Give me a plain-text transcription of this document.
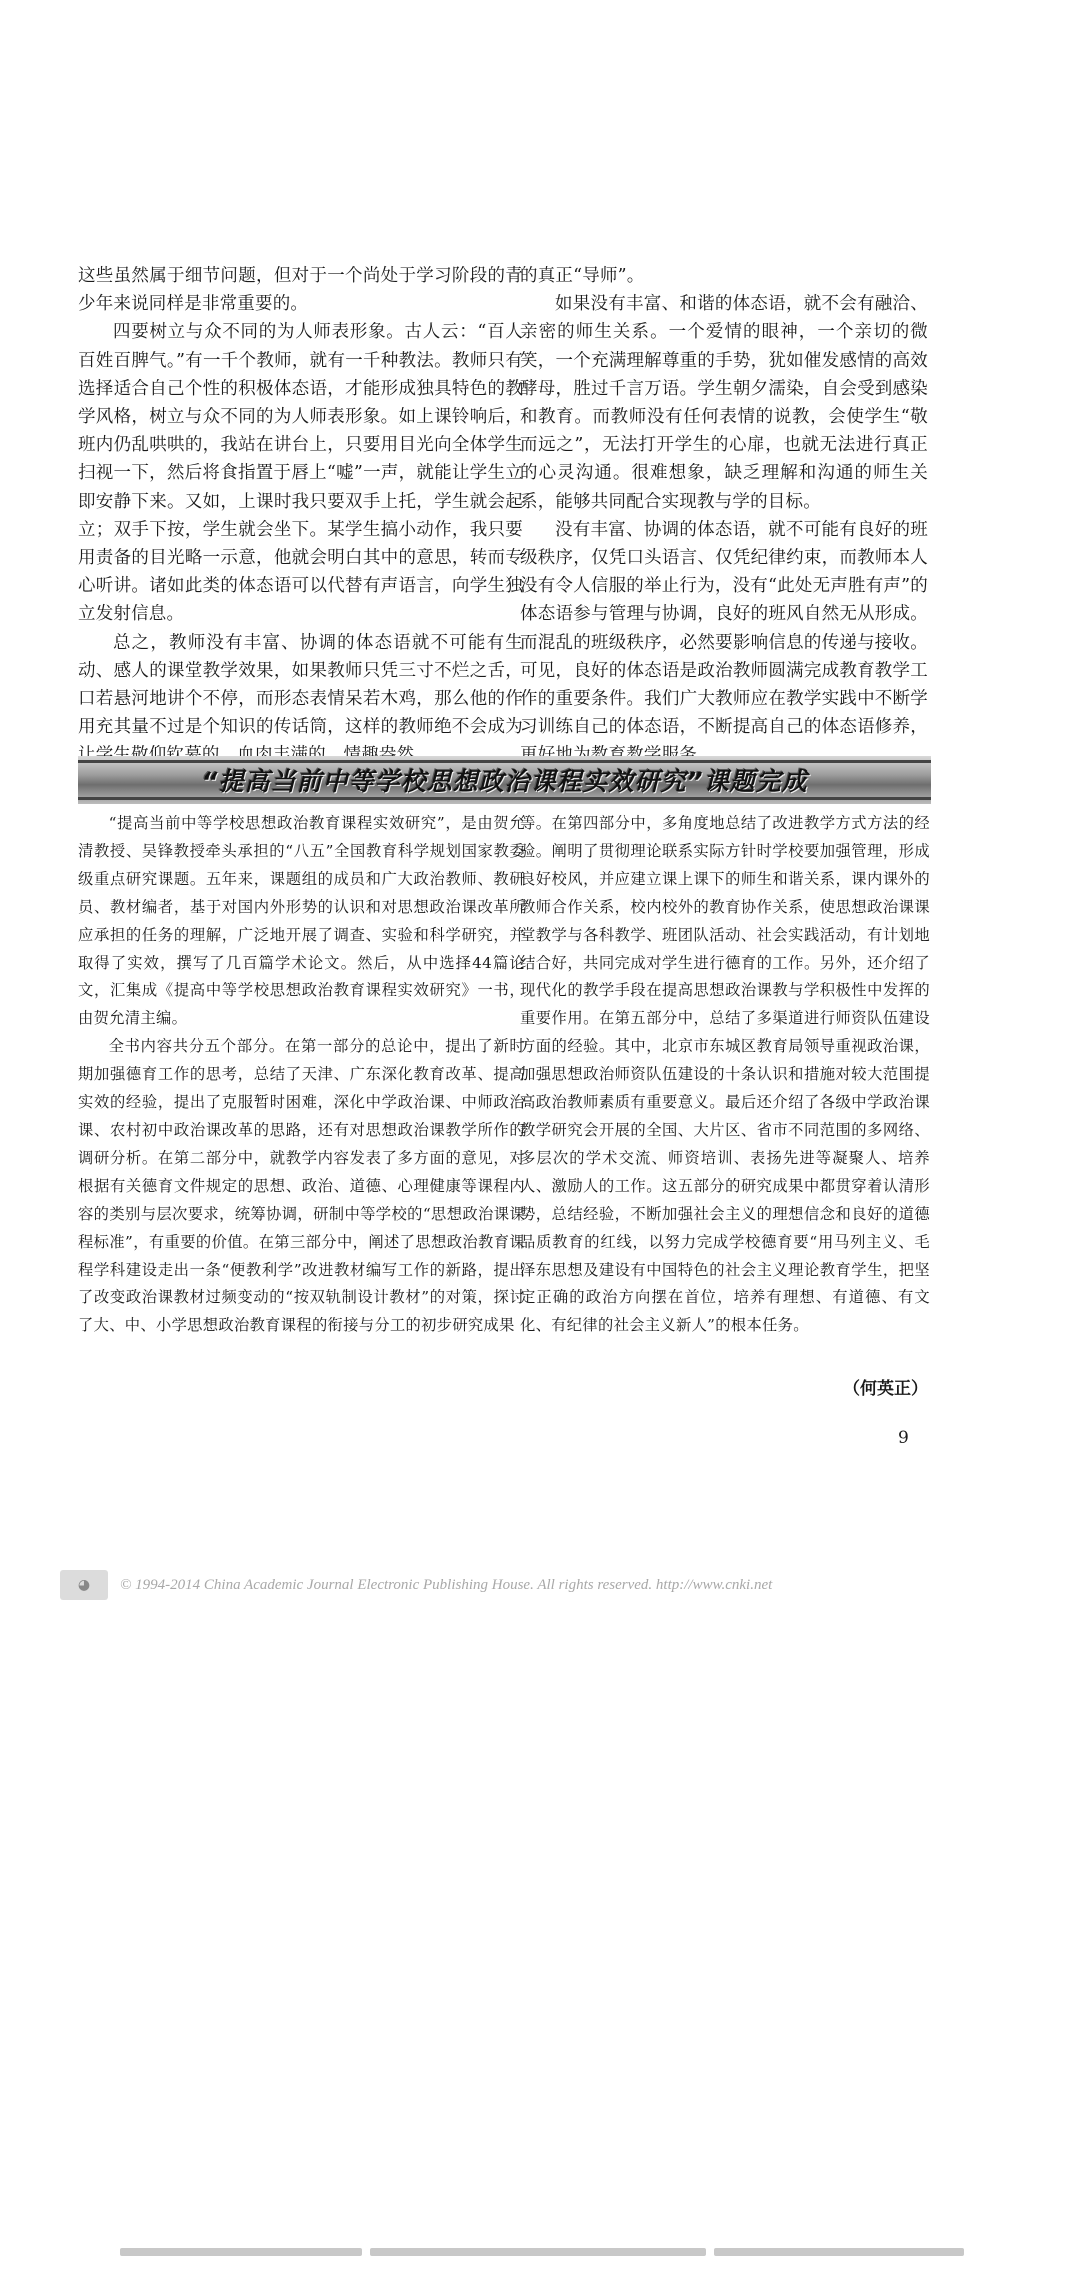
这些虽然属于细节问题，但对于一个尚处于学习阶段的青少年来说同样是非常重要的。

四要树立与众不同的为人师表形象。古人云：“百人百姓百脾气。”有一千个教师，就有一千种教法。教师只有选择适合自己个性的积极体态语，才能形成独具特色的教学风格，树立与众不同的为人师表形象。如上课铃响后，班内仍乱哄哄的，我站在讲台上，只要用目光向全体学生扫视一下，然后将食指置于唇上“嘘”一声，就能让学生立即安静下来。又如，上课时我只要双手上托，学生就会起立；双手下按，学生就会坐下。某学生搞小动作，我只要用责备的目光略一示意，他就会明白其中的意思，转而专心听讲。诸如此类的体态语可以代替有声语言，向学生独立发射信息。

总之，教师没有丰富、协调的体态语就不可能有生动、感人的课堂教学效果，如果教师只凭三寸不烂之舌，口若悬河地讲个不停，而形态表情呆若木鸡，那么他的作用充其量不过是个知识的传话筒，这样的教师绝不会成为

的真正“导师”。

如果没有丰富、和谐的体态语，就不会有融洽、亲密的师生关系。一个爱情的眼神，一个亲切的微笑，一个充满理解尊重的手势，犹如催发感情的高效酵母，胜过千言万语。学生朝夕濡染，自会受到感染和教育。而教师没有任何表情的说教，会使学生“敬而远之”，无法打开学生的心扉，也就无法进行真正的心灵沟通。很难想象，缺乏理解和沟通的师生关系，能够共同配合实现教与学的目标。

没有丰富、协调的体态语，就不可能有良好的班级秩序，仅凭口头语言、仅凭纪律约束，而教师本人没有令人信服的举止行为，没有“此处无声胜有声”的体态语参与管理与协调，良好的班风自然无从形成。而混乱的班级秩序，必然要影响信息的传递与接收。可见，良好的体态语是政治教师圆满完成教育教学工作的重要条件。我们广大教师应在教学实践中不断学习训练自己的体态语，不断提高自己的体态语修养，

“提高当前中等学校思想政治课程实效研究”课题完成

“提高当前中等学校思想政治教育课程实效研究”，是由贺允清教授、吴锋教授牵头承担的“八五”全国教育科学规划国家教委级重点研究课题。五年来，课题组的成员和广大政治教师、教研员、教材编者，基于对国内外形势的认识和对思想政治课改革所应承担的任务的理解，广泛地开展了调查、实验和科学研究，并取得了实效，撰写了几百篇学术论文。然后，从中选择44篇论文，汇集成《提高中等学校思想政治教育课程实效研究》一书，由贺允清主编。

全书内容共分五个部分。在第一部分的总论中，提出了新时期加强德育工作的思考，总结了天津、广东深化教育改革、提高实效的经验，提出了克服暂时困难，深化中学政治课、中师政治课、农村初中政治课改革的思路，还有对思想政治课教学所作的调研分析。在第二部分中，就教学内容发表了多方面的意见，对根据有关德育文件规定的思想、政治、道德、心理健康等课程内容的类别与层次要求，统筹协调，研制中等学校的“思想政治课课程标准”，有重要的价值。在第三部分中，阐述了思想政治教育课程学科建设走出一条“便教利学”改进教材编写工作的新路，提出了改变政治课教材过频变动的“按双轨制设计教材”的对策，探讨了大、中、小学思想政治教育课程的衔接与分工的初步研究成果

等。在第四部分中，多角度地总结了改进教学方式方法的经验。阐明了贯彻理论联系实际方针时学校要加强管理，形成良好校风，并应建立课上课下的师生和谐关系，课内课外的教师合作关系，校内校外的教育协作关系，使思想政治课课堂教学与各科教学、班团队活动、社会实践活动，有计划地结合好，共同完成对学生进行德育的工作。另外，还介绍了现代化的教学手段在提高思想政治课教与学积极性中发挥的重要作用。在第五部分中，总结了多渠道进行师资队伍建设方面的经验。其中，北京市东城区教育局领导重视政治课，加强思想政治师资队伍建设的十条认识和措施对较大范围提高政治教师素质有重要意义。最后还介绍了各级中学政治课教学研究会开展的全国、大片区、省市不同范围的多网络、多层次的学术交流、师资培训、表扬先进等凝聚人、培养人、激励人的工作。这五部分的研究成果中都贯穿着认清形势，总结经验，不断加强社会主义的理想信念和良好的道德品质教育的红线，以努力完成学校德育要“用马列主义、毛泽东思想及建设有中国特色的社会主义理论教育学生，把坚定正确的政治方向摆在首位，培养有理想、有道德、有文化、有纪律的社会主义新人”的根本任务。

（何英正）
9
◕	© 1994-2014 China Academic Journal Electronic Publishing House. All rights reserved. http://www.cnki.net
